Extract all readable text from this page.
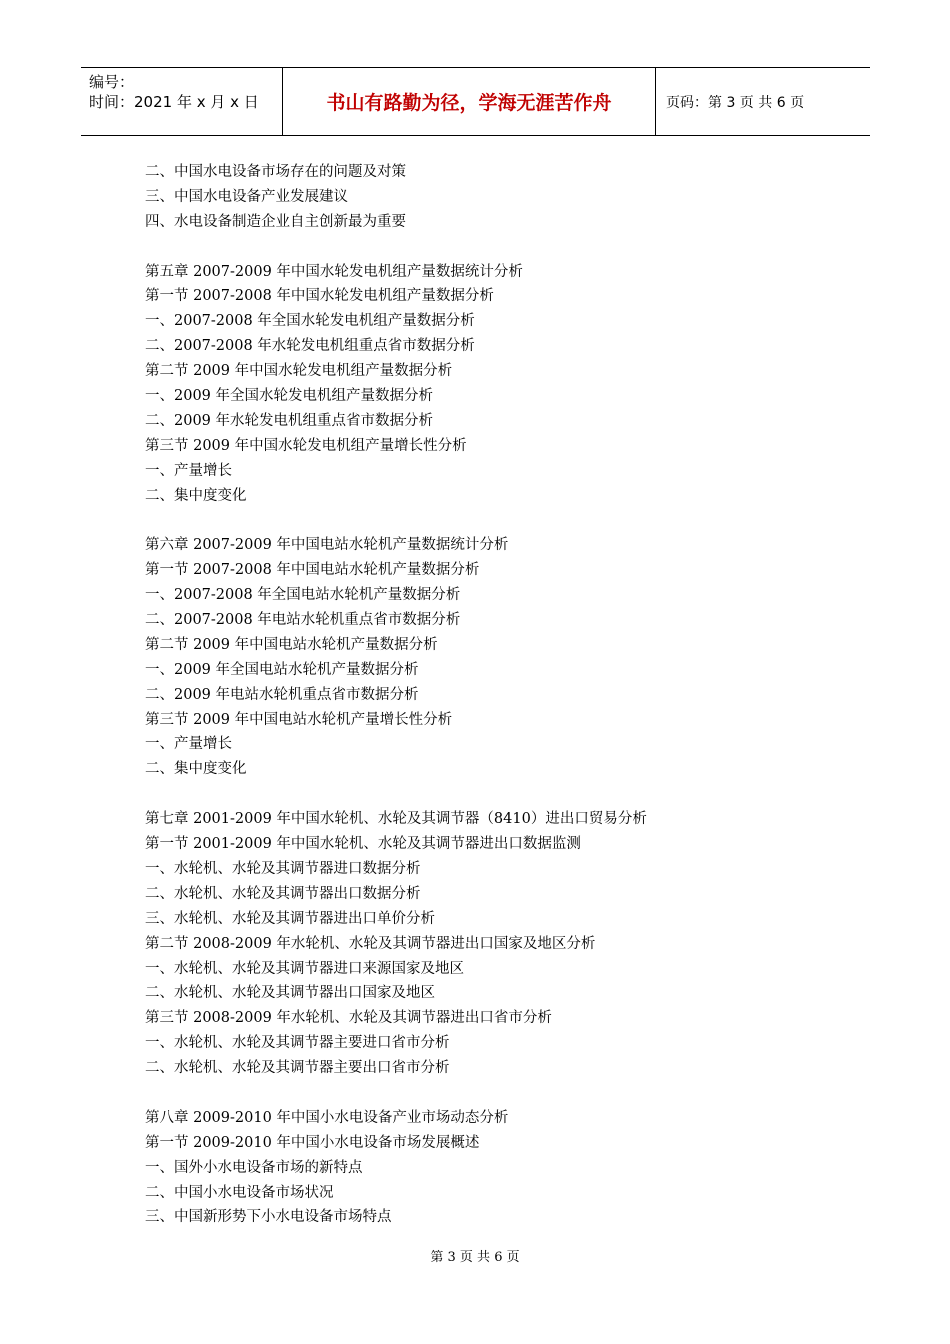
编号：
时间：2021 年 x 月 x 日	书山有路勤为径，学海无涯苦作舟	页码：第 3 页 共 6 页
二、中国水电设备市场存在的问题及对策
三、中国水电设备产业发展建议
四、水电设备制造企业自主创新最为重要
第五章 2007-2009 年中国水轮发电机组产量数据统计分析
第一节 2007-2008 年中国水轮发电机组产量数据分析
一、2007-2008 年全国水轮发电机组产量数据分析
二、2007-2008 年水轮发电机组重点省市数据分析
第二节 2009 年中国水轮发电机组产量数据分析
一、2009 年全国水轮发电机组产量数据分析
二、2009 年水轮发电机组重点省市数据分析
第三节 2009 年中国水轮发电机组产量增长性分析
一、产量增长
二、集中度变化
第六章 2007-2009 年中国电站水轮机产量数据统计分析
第一节 2007-2008 年中国电站水轮机产量数据分析
一、2007-2008 年全国电站水轮机产量数据分析
二、2007-2008 年电站水轮机重点省市数据分析
第二节 2009 年中国电站水轮机产量数据分析
一、2009 年全国电站水轮机产量数据分析
二、2009 年电站水轮机重点省市数据分析
第三节 2009 年中国电站水轮机产量增长性分析
一、产量增长
二、集中度变化
第七章 2001-2009 年中国水轮机、水轮及其调节器（8410）进出口贸易分析
第一节 2001-2009 年中国水轮机、水轮及其调节器进出口数据监测
一、水轮机、水轮及其调节器进口数据分析
二、水轮机、水轮及其调节器出口数据分析
三、水轮机、水轮及其调节器进出口单价分析
第二节 2008-2009 年水轮机、水轮及其调节器进出口国家及地区分析
一、水轮机、水轮及其调节器进口来源国家及地区
二、水轮机、水轮及其调节器出口国家及地区
第三节 2008-2009 年水轮机、水轮及其调节器进出口省市分析
一、水轮机、水轮及其调节器主要进口省市分析
二、水轮机、水轮及其调节器主要出口省市分析
第八章 2009-2010 年中国小水电设备产业市场动态分析
第一节 2009-2010 年中国小水电设备市场发展概述
一、国外小水电设备市场的新特点
二、中国小水电设备市场状况
三、中国新形势下小水电设备市场特点
第 3 页 共 6 页
